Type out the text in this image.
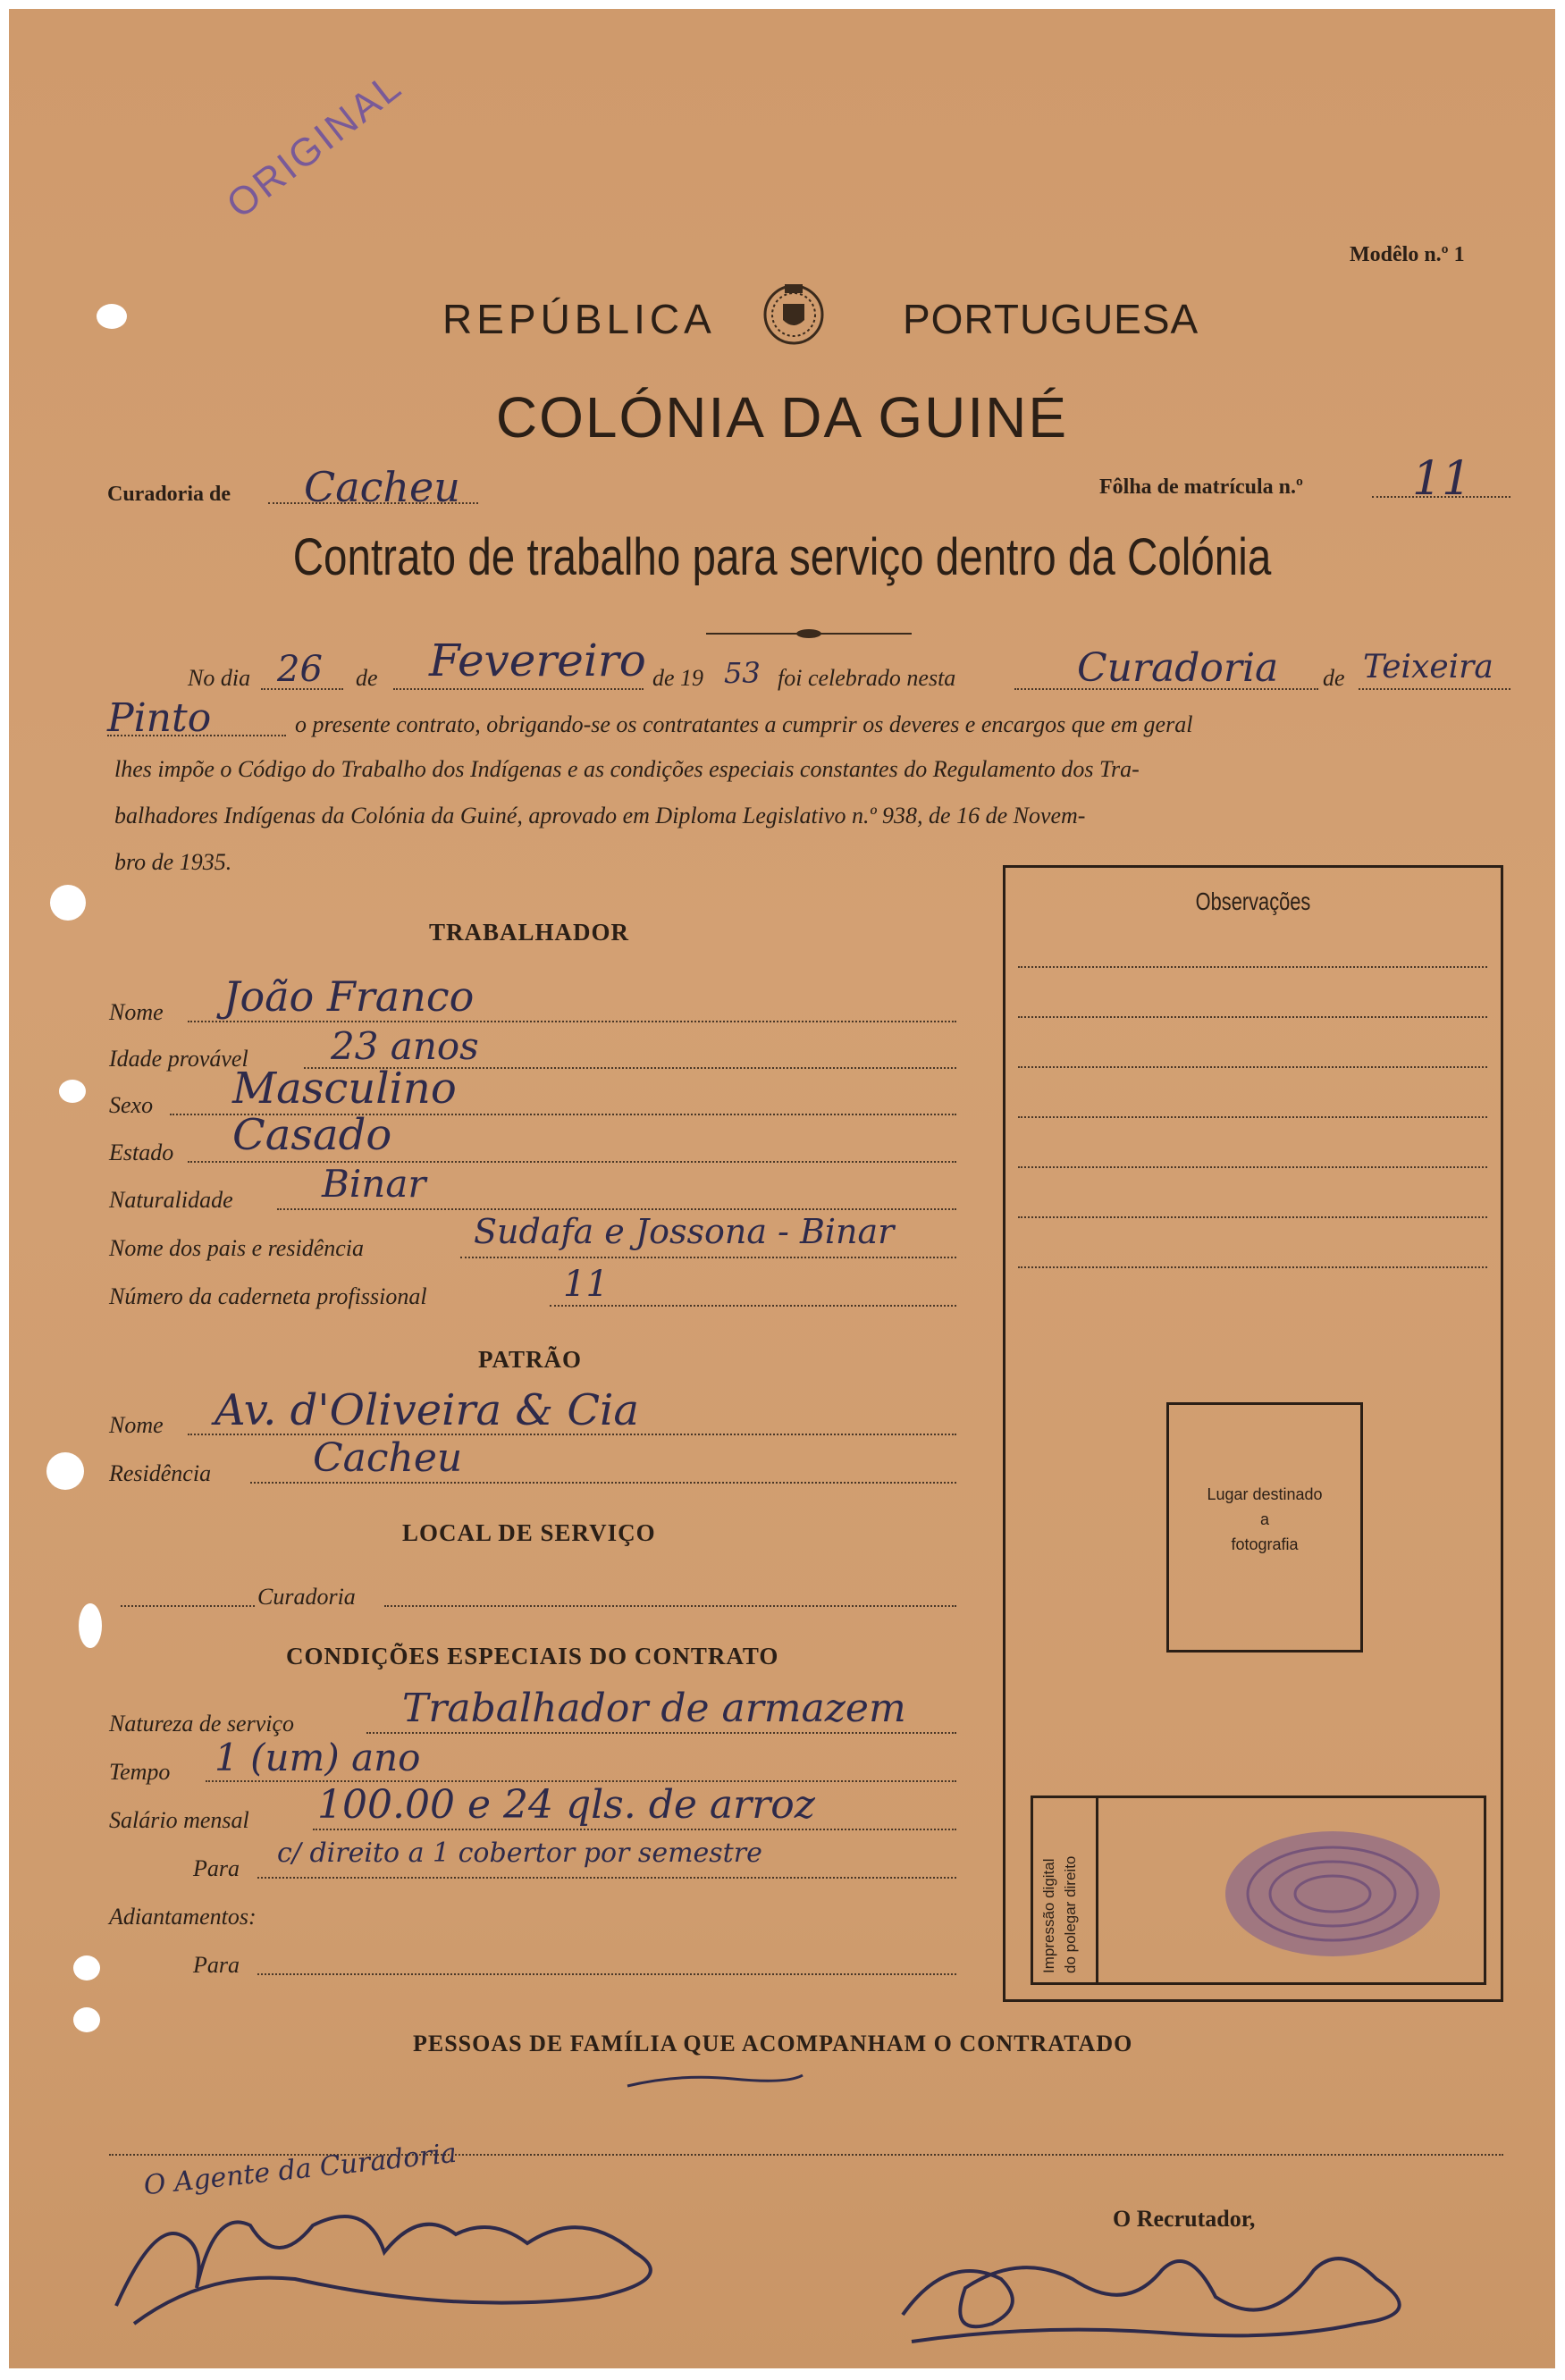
ORIGINAL
Modêlo n.º 1
REPÚBLICA	PORTUGUESA
COLÓNIA DA GUINÉ
Curadoria de Cacheu	Fôlha de matrícula n.º 11
Contrato de trabalho para serviço dentro da Colónia
No dia 26 de Fevereiro de 19 53 foi celebrado nesta	Curadoria de Teixeira
Pinto	o presente contrato, obrigando-se os contratantes a cumprir os deveres e encargos que em geral
lhes impõe o Código do Trabalho dos Indígenas e as condições especiais constantes do Regulamento dos Tra-
balhadores Indígenas da Colónia da Guiné, aprovado em Diploma Legislativo n.º 938, de 16 de Novem-
bro de 1935.
Observações
Lugar destinado
a
fotografia
Impressão digital do polegar direito
TRABALHADOR
Nome João Franco
Idade provável 23 anos
Sexo Masculino
Estado Casado
Naturalidade Binar
Nome dos pais e residência	Sudafa e Jossona - Binar
Número da caderneta profissional	11
PATRÃO
Nome Av. d'Oliveira & Cia
Residência	Cacheu
LOCAL DE SERVIÇO
Curadoria
CONDIÇÕES ESPECIAIS DO CONTRATO
Natureza de serviço	Trabalhador de armazem
Tempo 1 (um) ano
Salário mensal 100.00 e 24 qls. de arroz
Para c/ direito a 1 cobertor por semestre
Adiantamentos:
Para
PESSOAS DE FAMÍLIA QUE ACOMPANHAM O CONTRATADO
O Agente da Curadoria
O Recrutador,
